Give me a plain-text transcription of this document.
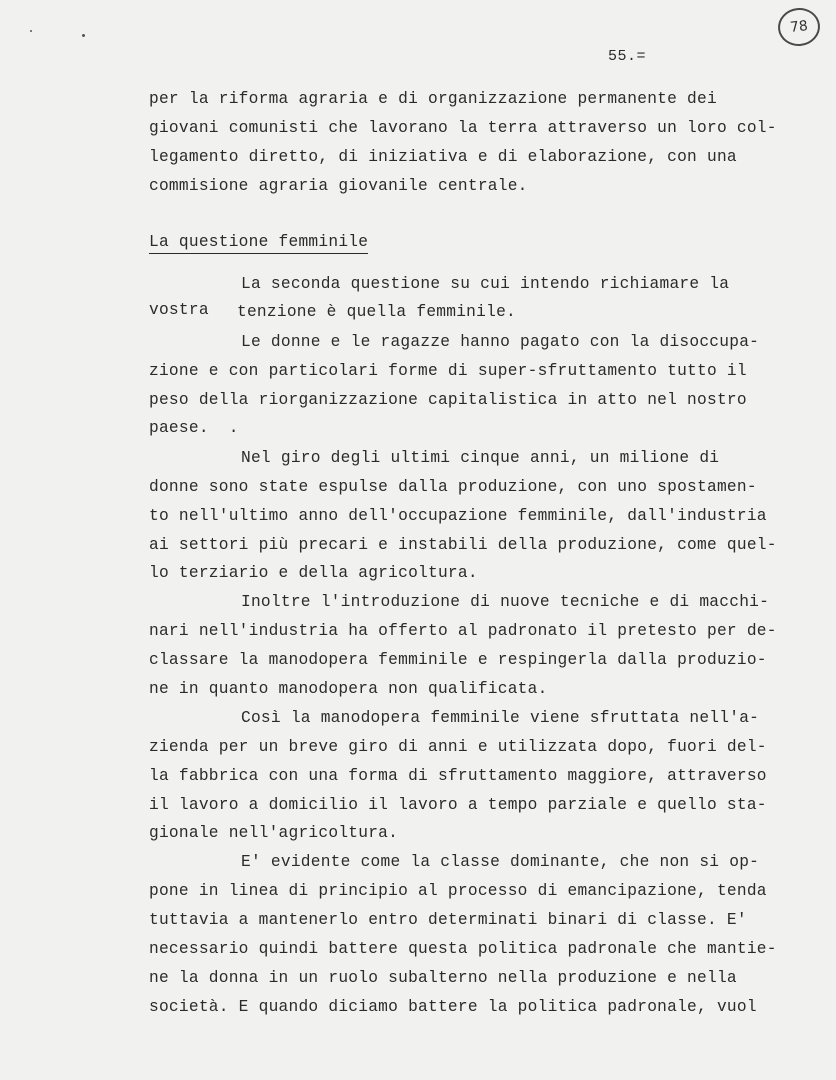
78
55.=
per la riforma agraria e di organizzazione permanente dei
giovani comunisti che lavorano la terra attraverso un loro col-
legamento diretto, di iniziativa e di elaborazione, con una
commisione agraria giovanile centrale.
La questione femminile
La seconda questione su cui intendo richiamare la
vostra tenzione è quella femminile.
Le donne e le ragazze hanno pagato con la disoccupa-
zione e con particolari forme di super-sfruttamento tutto il
peso della riorganizzazione capitalistica in atto nel nostro
paese.  .
Nel giro degli ultimi cinque anni, un milione di
donne sono state espulse dalla produzione, con uno spostamen-
to nell'ultimo anno dell'occupazione femminile, dall'industria
ai settori più precari e instabili della produzione, come quel-
lo terziario e della agricoltura.
Inoltre l'introduzione di nuove tecniche e di macchi-
nari nell'industria ha offerto al padronato il pretesto per de-
classare la manodopera femminile e respingerla dalla produzio-
ne in quanto manodopera non qualificata.
Così la manodopera femminile viene sfruttata nell'a-
zienda per un breve giro di anni e utilizzata dopo, fuori del-
la fabbrica con una forma di sfruttamento maggiore, attraverso
il lavoro a domicilio il lavoro a tempo parziale e quello sta-
gionale nell'agricoltura.
E' evidente come la classe dominante, che non si op-
pone in linea di principio al processo di emancipazione, tenda
tuttavia a mantenerlo entro determinati binari di classe. E'
necessario quindi battere questa politica padronale che mantie-
ne la donna in un ruolo subalterno nella produzione e nella
società. E quando diciamo battere la politica padronale, vuol
